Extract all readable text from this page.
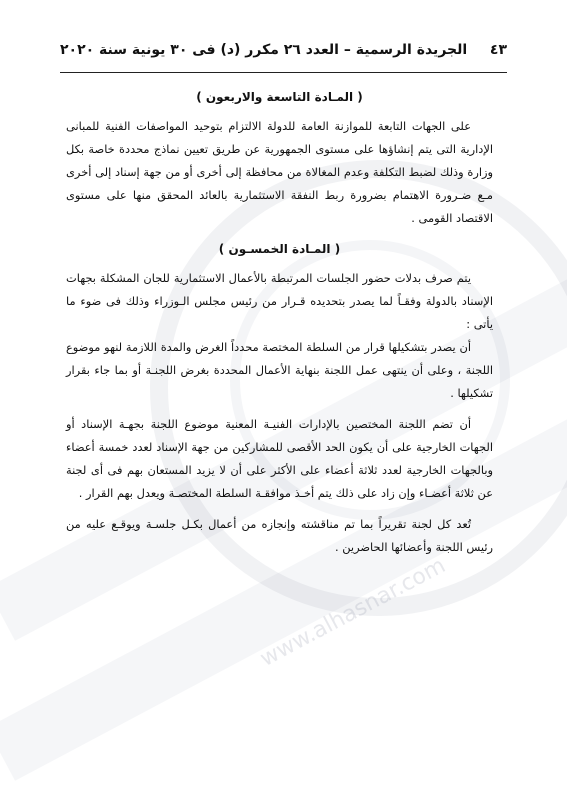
www.alhasnar.com
٤٣
الجريدة الرسمية – العدد ٢٦ مكرر (د) فى ٣٠ يونية سنة ٢٠٢٠
( المـادة التاسعة والاربعون )

على الجهات التابعة للموازنة العامة للدولة الالتزام بتوحيد المواصفات الفنية للمبانى الإدارية التى يتم إنشاؤها على مستوى الجمهورية عن طريق تعيين نماذج محددة خاصة بكل وزارة وذلك لضبط التكلفة وعدم المغالاة من محافظة إلى أخرى أو من جهة إسناد إلى أخرى مـع ضـرورة الاهتمام بضرورة ربط النفقة الاستثمارية بالعائد المحقق منها على مستوى الاقتصاد القومى .

( المـادة الخمسـون )

يتم صرف بدلات حضور الجلسات المرتبطة بالأعمال الاستثمارية للجان المشكلة بجهات الإسناد بالدولة وفقـاً لما يصدر بتحديده قـرار من رئيس مجلس الـوزراء وذلك فى ضوء ما يأتى :

أن يصدر بتشكيلها قرار من السلطة المختصة محدداً الغرض والمدة اللازمة لنهو موضوع اللجنة ، وعلى أن ينتهى عمل اللجنة بنهاية الأعمال المحددة بغرض اللجنـة أو بما جاء بقرار تشكيلها .

أن تضم اللجنة المختصين بالإدارات الفنيـة المعنية موضوع اللجنة بجهـة الإسناد أو الجهات الخارجية على أن يكون الحد الأقصى للمشاركين من جهة الإسناد لعدد خمسة أعضاء وبالجهات الخارجية لعدد ثلاثة أعضاء على الأكثر على أن لا يزيد المستعان بهم فى أى لجنة عن ثلاثة أعضـاء وإن زاد على ذلك يتم أخـذ موافقـة السلطة المختصـة ويعدل بهم القرار .

تُعد كل لجنة تقريراً بما تم مناقشته وإنجازه من أعمال بكـل جلسـة ويوقـع عليه من رئيس اللجنة وأعضائها الحاضرين .
